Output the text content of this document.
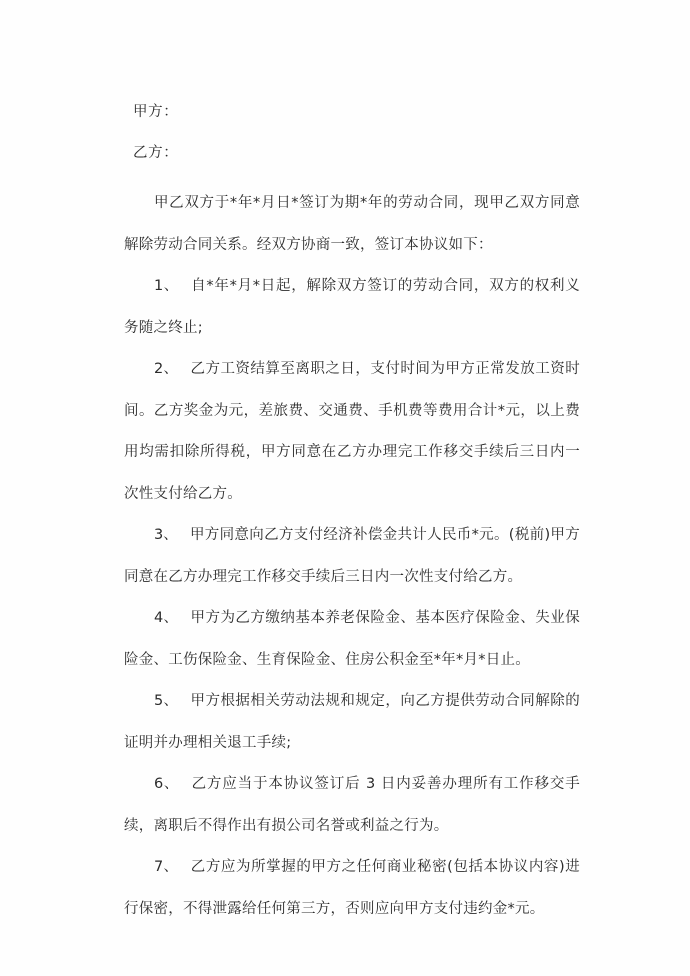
甲方：
乙方：

甲乙双方于*年*月日*签订为期*年的劳动合同，现甲乙双方同意解除劳动合同关系。经双方协商一致，签订本协议如下：

1、 自*年*月*日起，解除双方签订的劳动合同，双方的权利义务随之终止;

2、 乙方工资结算至离职之日，支付时间为甲方正常发放工资时间。乙方奖金为元，差旅费、交通费、手机费等费用合计*元，以上费用均需扣除所得税，甲方同意在乙方办理完工作移交手续后三日内一次性支付给乙方。

3、 甲方同意向乙方支付经济补偿金共计人民币*元。(税前)甲方同意在乙方办理完工作移交手续后三日内一次性支付给乙方。

4、 甲方为乙方缴纳基本养老保险金、基本医疗保险金、失业保险金、工伤保险金、生育保险金、住房公积金至*年*月*日止。

5、 甲方根据相关劳动法规和规定，向乙方提供劳动合同解除的证明并办理相关退工手续;

6、 乙方应当于本协议签订后 3 日内妥善办理所有工作移交手续，离职后不得作出有损公司名誉或利益之行为。

7、 乙方应为所掌握的甲方之任何商业秘密(包括本协议内容)进行保密，不得泄露给任何第三方，否则应向甲方支付违约金*元。
